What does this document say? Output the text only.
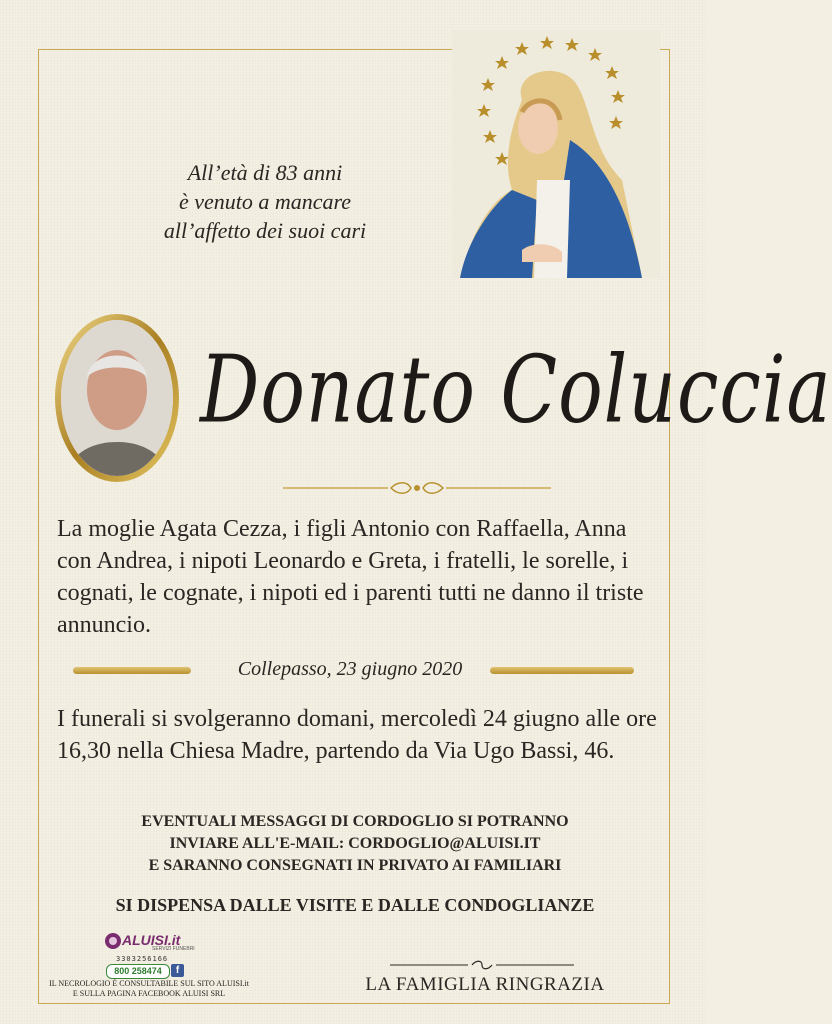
All’età di 83 anni
è venuto a mancare
all’affetto dei suoi cari
Donato Coluccia
La moglie Agata Cezza, i figli Antonio con Raffaella, Anna con Andrea, i nipoti Leonardo e Greta, i fratelli, le sorelle, i cognati, le cognate, i nipoti ed i parenti tutti ne danno il triste annuncio.
Collepasso, 23 giugno 2020
I funerali si svolgeranno domani, mercoledì 24 giugno alle ore 16,30 nella Chiesa Madre, partendo da Via Ugo Bassi, 46.
EVENTUALI MESSAGGI DI CORDOGLIO SI POTRANNO
INVIARE ALL'E-MAIL: CORDOGLIO@ALUISI.IT
E SARANNO CONSEGNATI IN PRIVATO AI FAMILIARI
SI DISPENSA DALLE VISITE E DALLE CONDOGLIANZE
ALUISI.it
SERVIZI FUNEBRI
3303256166
800 258474	f
IL NECROLOGIO È CONSULTABILE SUL SITO ALUISI.it
E SULLA PAGINA FACEBOOK ALUISI SRL	LA FAMIGLIA RINGRAZIA
